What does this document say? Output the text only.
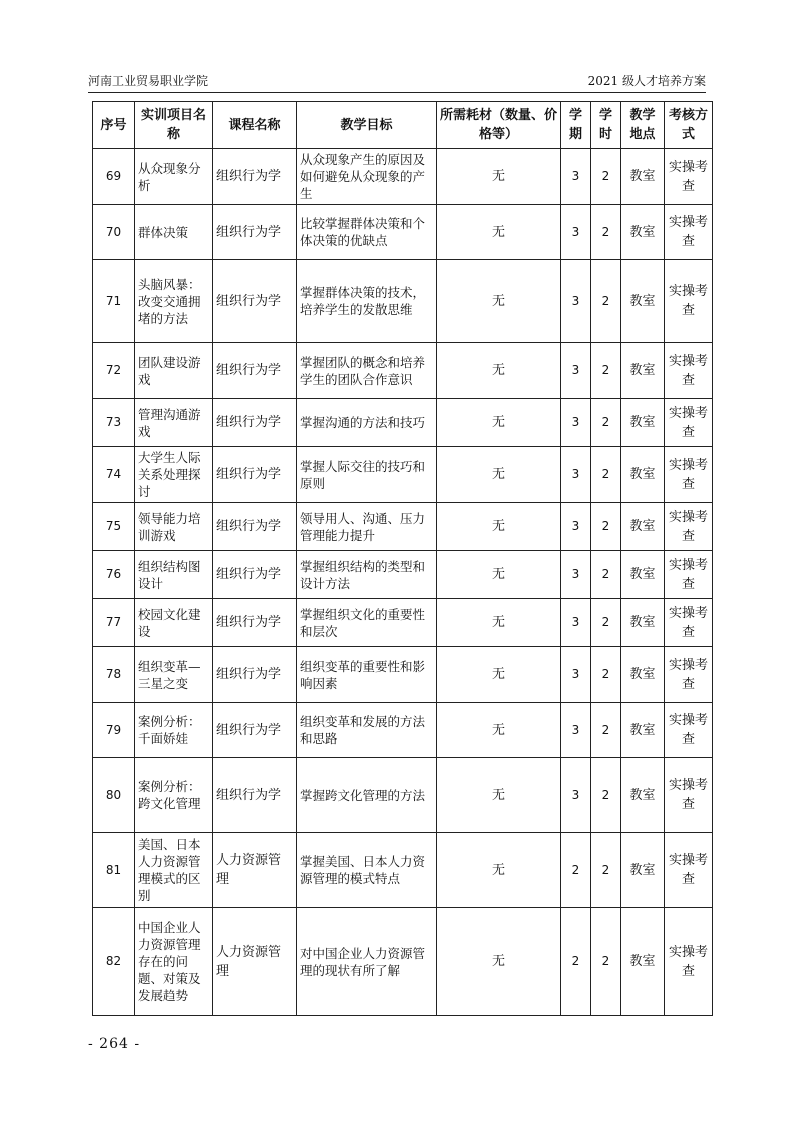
河南工业贸易职业学院	2021 级人才培养方案
序号	实训项目名称	课程名称	教学目标	所需耗材（数量、价格等）	学期	学时	教学地点	考核方式
69	从众现象分析	组织行为学	从众现象产生的原因及如何避免从众现象的产生	无	3	2	教室	实操考查
70	群体决策	组织行为学	比较掌握群体决策和个体决策的优缺点	无	3	2	教室	实操考查
71	头脑风暴：改变交通拥堵的方法	组织行为学	掌握群体决策的技术，培养学生的发散思维	无	3	2	教室	实操考查
72	团队建设游戏	组织行为学	掌握团队的概念和培养学生的团队合作意识	无	3	2	教室	实操考查
73	管理沟通游戏	组织行为学	掌握沟通的方法和技巧	无	3	2	教室	实操考查
74	大学生人际关系处理探讨	组织行为学	掌握人际交往的技巧和原则	无	3	2	教室	实操考查
75	领导能力培训游戏	组织行为学	领导用人、沟通、压力管理能力提升	无	3	2	教室	实操考查
76	组织结构图设计	组织行为学	掌握组织结构的类型和设计方法	无	3	2	教室	实操考查
77	校园文化建设	组织行为学	掌握组织文化的重要性和层次	无	3	2	教室	实操考查
78	组织变革—三星之变	组织行为学	组织变革的重要性和影响因素	无	3	2	教室	实操考查
79	案例分析：千面娇娃	组织行为学	组织变革和发展的方法和思路	无	3	2	教室	实操考查
80	案例分析：跨文化管理	组织行为学	掌握跨文化管理的方法	无	3	2	教室	实操考查
81	美国、日本人力资源管理模式的区别	人力资源管理	掌握美国、日本人力资源管理的模式特点	无	2	2	教室	实操考查
82	中国企业人力资源管理存在的问题、对策及发展趋势	人力资源管理	对中国企业人力资源管理的现状有所了解	无	2	2	教室	实操考查
- 264 -
